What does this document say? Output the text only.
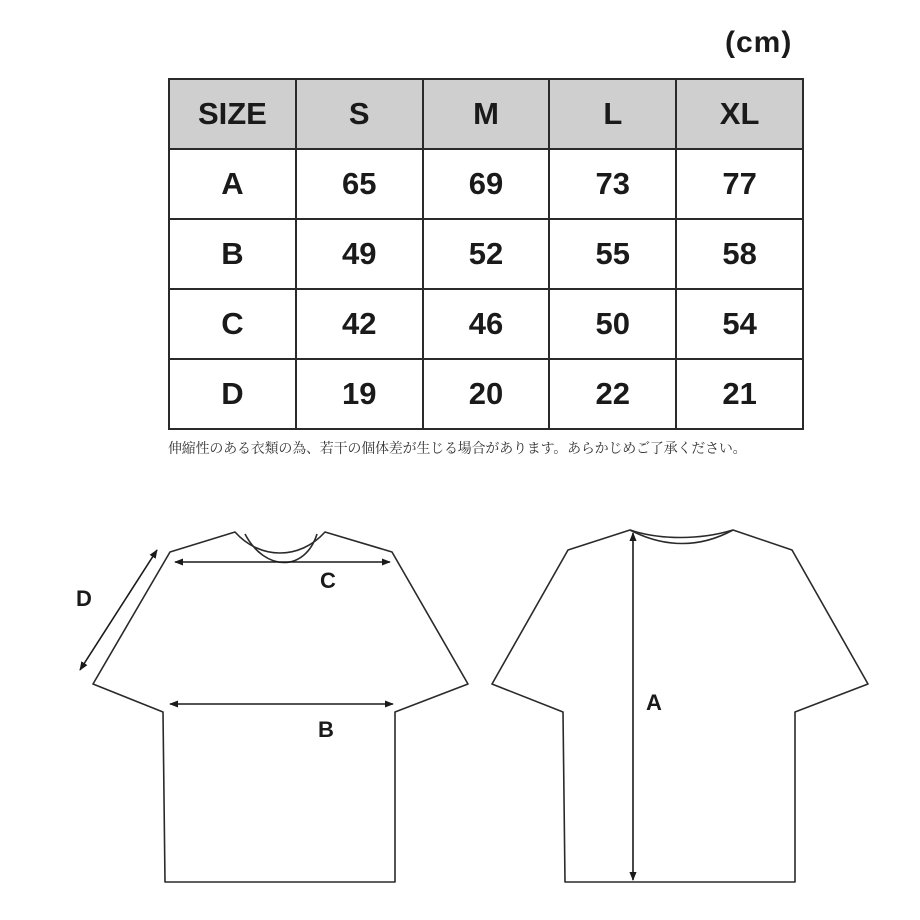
(cm)
SIZE	S	M	L	XL
A	65	69	73	77
B	49	52	55	58
C	42	46	50	54
D	19	20	22	21
伸縮性のある衣類の為、若干の個体差が生じる場合があります。あらかじめご了承ください。
C
B
D
A
